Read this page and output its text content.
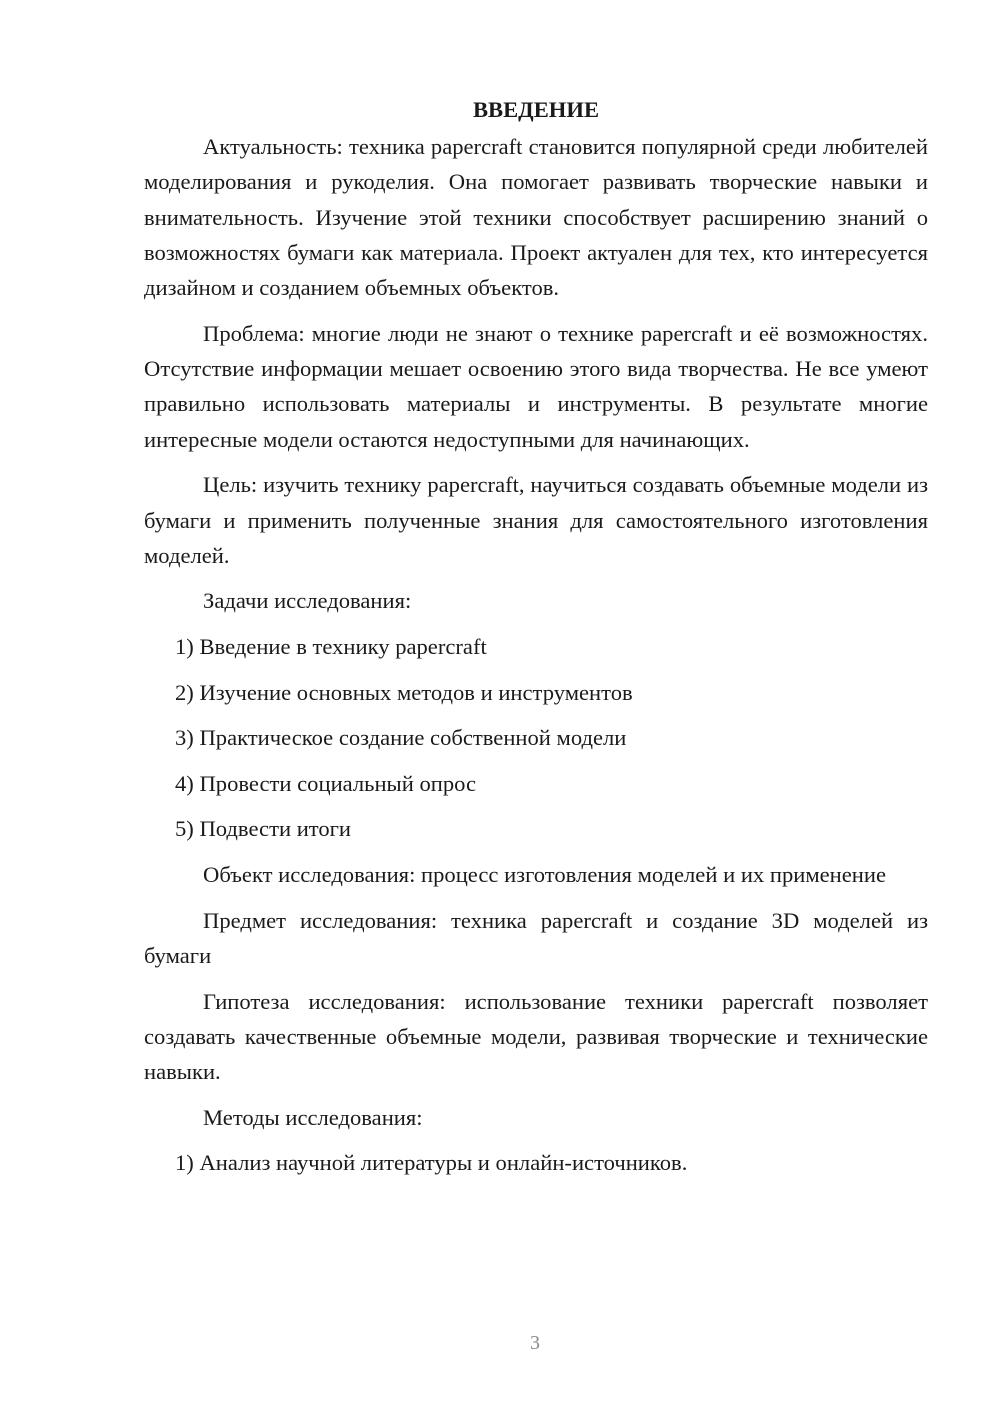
ВВЕДЕНИЕ

Актуальность: техника papercraft становится популярной среди любителей моделирования и рукоделия. Она помогает развивать творческие навыки и внимательность. Изучение этой техники способствует расширению знаний о возможностях бумаги как материала. Проект актуален для тех, кто интересуется дизайном и созданием объемных объектов.

Проблема: многие люди не знают о технике papercraft и её возможностях. Отсутствие информации мешает освоению этого вида творчества. Не все умеют правильно использовать материалы и инструменты. В результате многие интересные модели остаются недоступными для начинающих.

Цель: изучить технику papercraft, научиться создавать объемные модели из бумаги и применить полученные знания для самостоятельного изготовления моделей.

Задачи исследования:

1) Введение в технику papercraft

2) Изучение основных методов и инструментов

3) Практическое создание собственной модели

4) Провести социальный опрос

5) Подвести итоги

Объект исследования: процесс изготовления моделей и их применение

Предмет исследования: техника papercraft и создание 3D моделей из бумаги

Гипотеза исследования: использование техники papercraft позволяет создавать качественные объемные модели, развивая творческие и технические навыки.

Методы исследования:

1) Анализ научной литературы и онлайн-источников.

3
